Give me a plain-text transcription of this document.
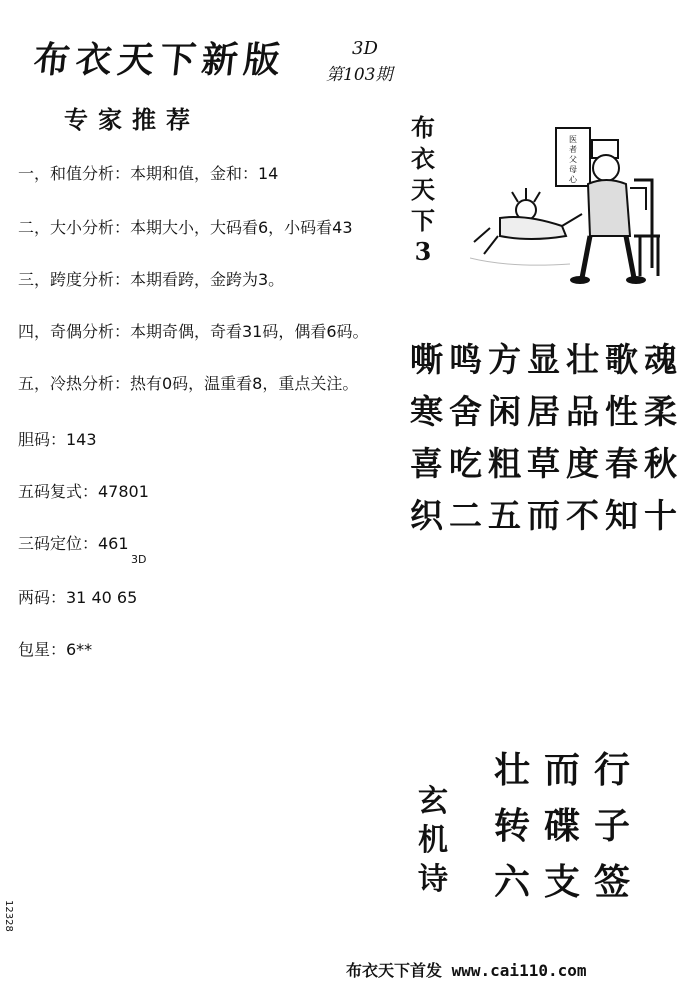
布衣天下新版	3D
第103期
专家推荐
一，和值分析：本期和值，金和：14
二，大小分析：本期大小，大码看6，小码看43
三，跨度分析：本期看跨，金跨为3。
四，奇偶分析：本期奇偶，奇看31码，偶看6码。
五，冷热分析：热有0码，温重看8，重点关注。
胆码：143
五码复式：47801
三码定位：461
3D
两码：31 40 65
包星：6**
布
衣
天
下
3
医
者
父
母
心
嘶鸣方显壮歌魂
寒舍闲居品性柔
喜吃粗草度春秋
织二五而不知十
玄
机
诗
壮而行
转碟子
六支签
布衣天下首发 www.cai110.com
12328
